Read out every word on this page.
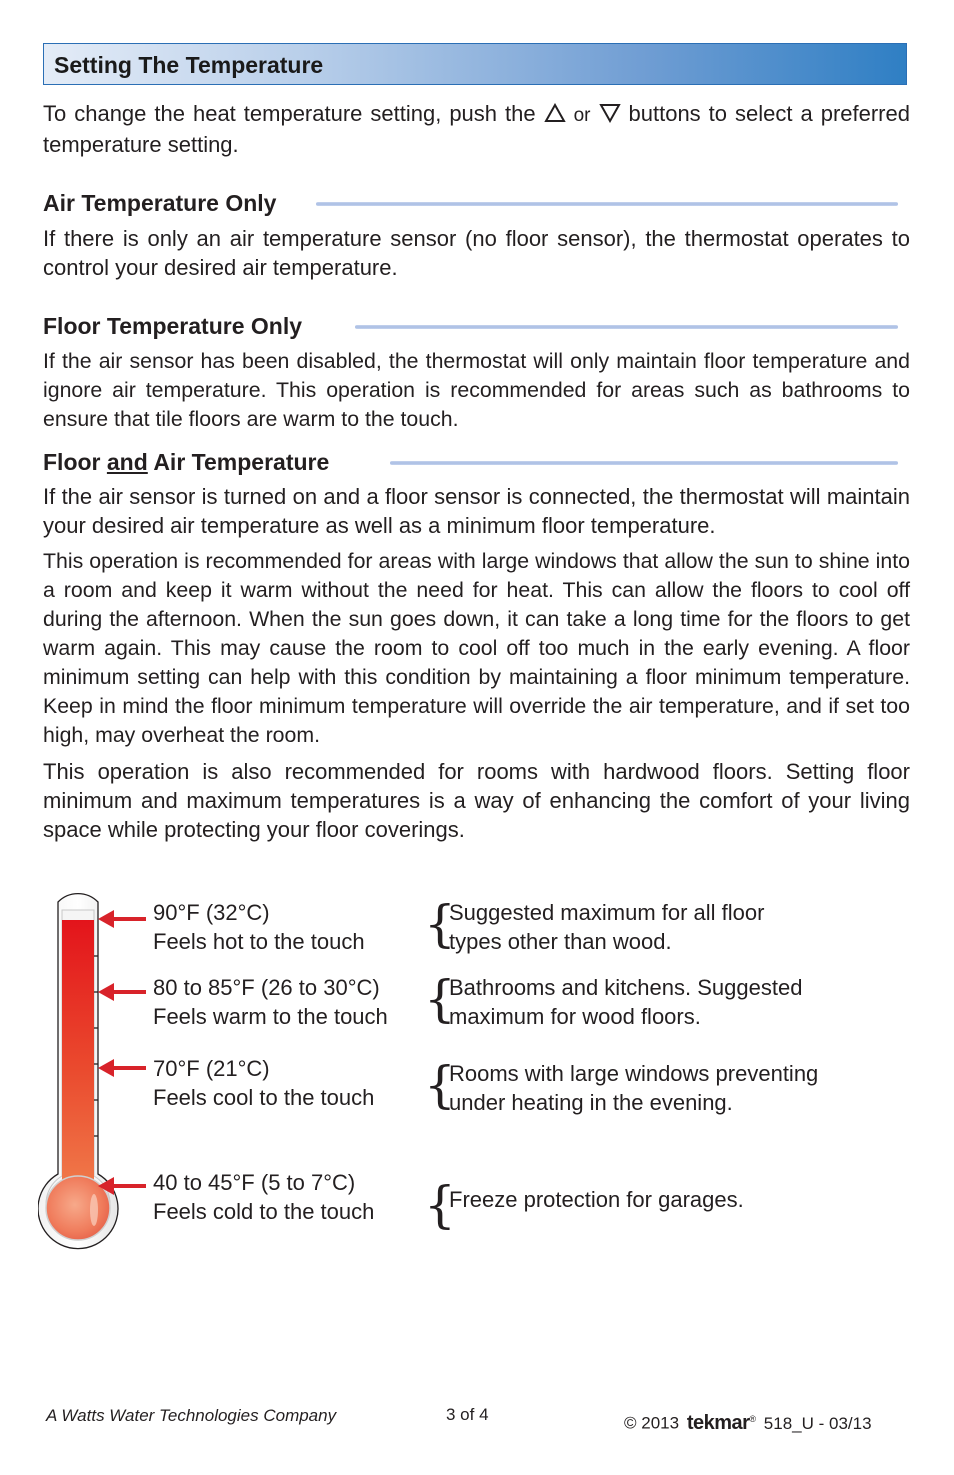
Setting The Temperature

To change the heat temperature setting, push the or buttons to select a preferred temperature setting.

Air Temperature Only

If there is only an air temperature sensor (no floor sensor), the thermostat operates to control your desired air temperature.

Floor Temperature Only

If the air sensor has been disabled, the thermostat will only maintain floor temperature and ignore air temperature. This operation is recommended for areas such as bathrooms to ensure that tile floors are warm to the touch.

Floor and Air Temperature

If the air sensor is turned on and a floor sensor is connected, the thermostat will maintain your desired air temperature as well as a minimum floor temperature.

This operation is recommended for areas with large windows that allow the sun to shine into a room and keep it warm without the need for heat. This can allow the floors to cool off during the afternoon. When the sun goes down, it can take a long time for the floors to get warm again. This may cause the room to cool off too much in the early evening. A floor minimum setting can help with this condition by maintaining a floor minimum temperature. Keep in mind the floor minimum temperature will override the air temperature, and if set too high, may overheat the room.

This operation is also recommended for rooms with hardwood floors. Setting floor minimum and maximum temperatures is a way of enhancing the comfort of your living space while protecting your floor coverings.

90°F (32°C)
Feels hot to the touch
80 to 85°F (26 to 30°C)
Feels warm to the touch
70°F (21°C)
Feels cool to the touch
40 to 45°F (5 to 7°C)
Feels cold to the touch
{
{
{
{
Suggested maximum for all floor
types other than wood.
Bathrooms and kitchens. Suggested
maximum for wood floors.
Rooms with large windows preventing
under heating in the evening.
Freeze protection for garages.
A Watts Water Technologies Company	3 of 4	© 2013 tekmar® 518_U - 03/13
